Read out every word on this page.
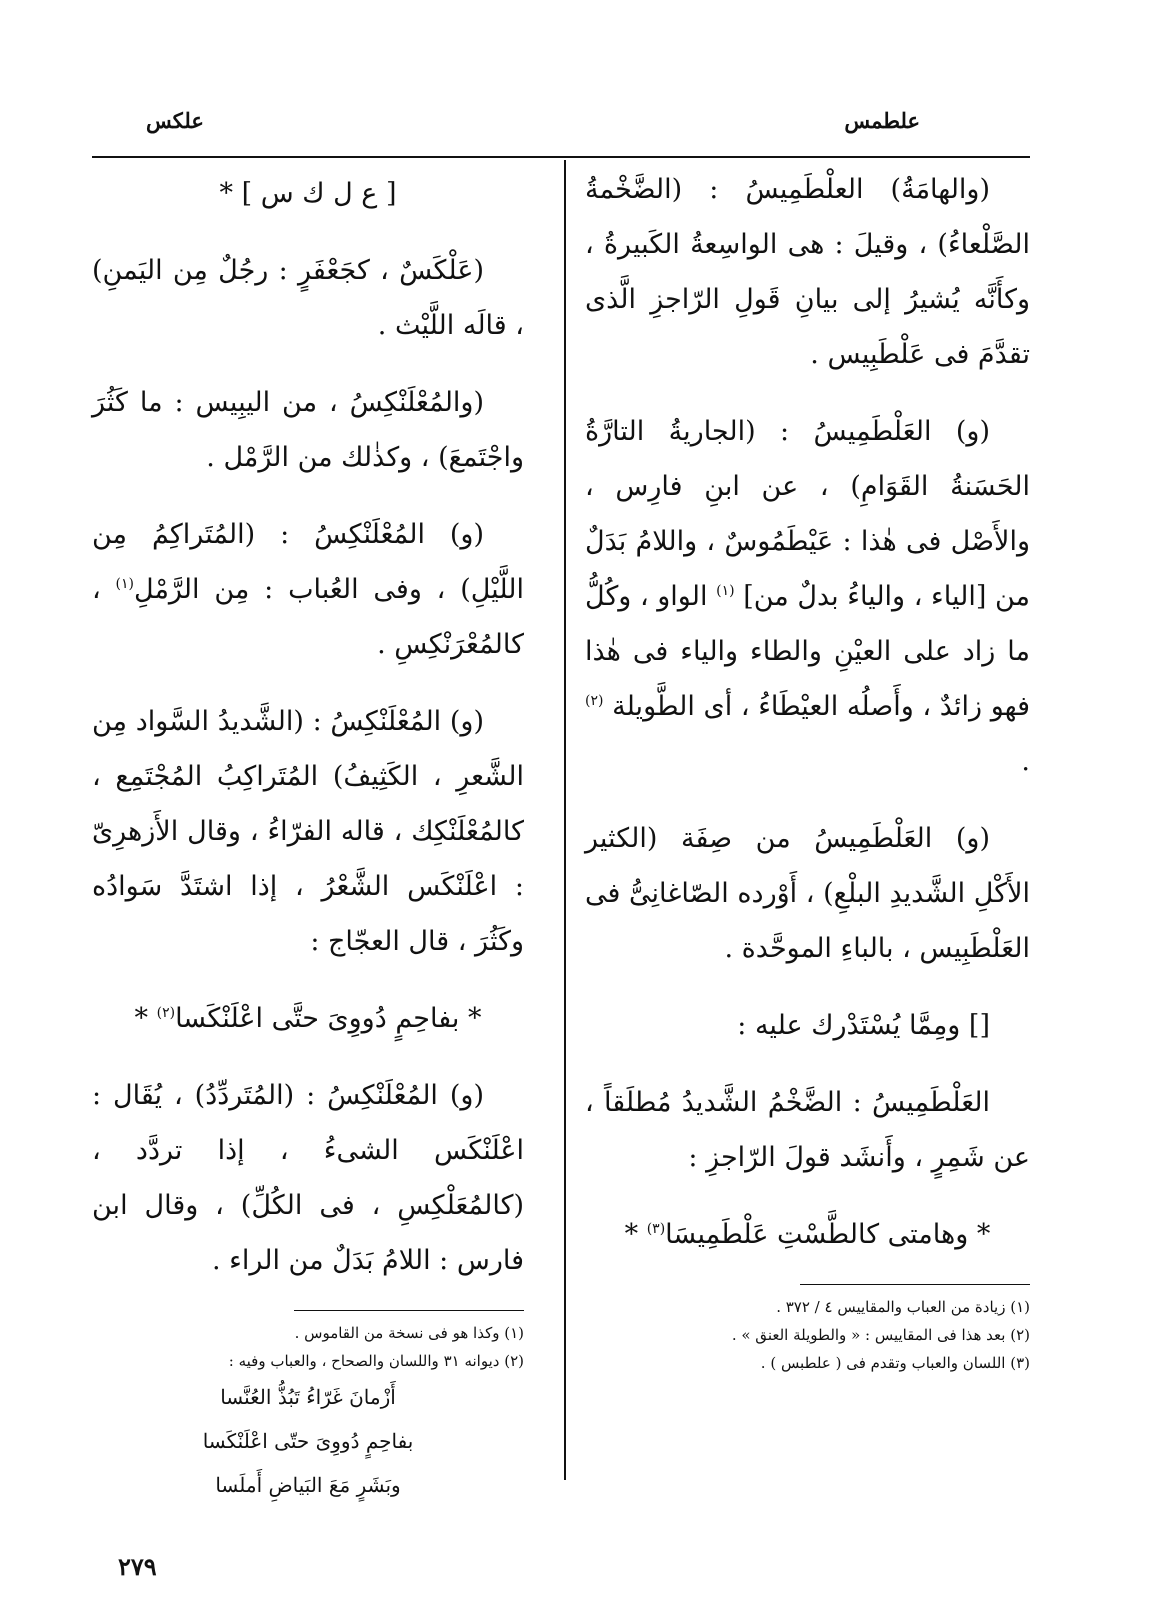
علطمس
علكس

(والهامَةُ) العلْطَمِيسُ : (الضَّخْمةُ الصَّلْعاءُ) ، وقيلَ : هى الواسِعةُ الكَبيرةُ ، وكأَنَّه يُشيرُ إلى بيانِ قَولِ الرّاجزِ الَّذى تقدَّمَ فى عَلْطَبِيس .

(و) العَلْطَمِيسُ : (الجاريةُ التارَّةُ الحَسَنةُ القَوَامِ) ، عن ابنِ فارِس ، والأَصْل فى هٰذا : عَيْطَمُوسٌ ، واللامُ بَدَلٌ من [الياء ، والياءُ بدلٌ من] $^{(١)}$ الواو ، وكُلُّ ما زاد على العيْنِ والطاء والياء فى هٰذا فهو زائدٌ ، وأَصلُه العيْطَاءُ ، أى الطَّويلة $^{(٢)}$ .

(و) العَلْطَمِيسُ من صِفَة (الكثير الأَكْلِ الشَّديدِ البلْعِ) ، أَوْرده الصّاغانِىُّ فى العَلْطَبِيس ، بالباءِ الموحَّدة .

[] ومِمَّا يُسْتَدْرك عليه :

العَلْطَمِيسُ : الضَّخْمُ الشَّديدُ مُطلَقاً ، عن شَمِرٍ ، وأَنشَد قولَ الرّاجزِ :

* وهامتى كالطَّسْتِ عَلْطَمِيسَا$^{(٣)}$ *

(١) زيادة من العباب والمقاييس ٤ / ٣٧٢ .

(٢) بعد هذا فى المقاييس : « والطويلة العنق » .

(٣) اللسان والعباب وتقدم فى ( علطبس ) .

[ ع ل ك س ] *

(عَلْكَسٌ ، كجَعْفَرٍ : رجُلٌ مِن اليَمنِ) ، قالَه اللَّيْث .

(والمُعْلَنْكِسُ ، من اليبِيس : ما كَثُرَ واجْتَمعَ) ، وكذٰلك من الرَّمْل .

(و) المُعْلَنْكِسُ : (المُتَراكِمُ مِن اللَّيْلِ) ، وفى العُباب : مِن الرَّمْلِ$^{(١)}$ ، كالمُعْرَنْكِسِ .

(و) المُعْلَنْكِسُ : (الشَّديدُ السَّواد مِن الشَّعرِ ، الكَثِيفُ) المُتَراكِبُ المُجْتَمِع ، كالمُعْلَنْكِك ، قاله الفرّاءُ ، وقال الأَزهرِىّ : اعْلَنْكَس الشَّعْرُ ، إذا اشتَدَّ سَوادُه وكَثُرَ ، قال العجّاج :

* بفاحِمٍ دُووِىَ حتَّى اعْلَنْكَسا$^{(٢)}$ *

(و) المُعْلَنْكِسُ : (المُتَردِّدُ) ، يُقَال : اعْلَنْكَس الشىءُ ، إذا تردَّد ، (كالمُعَلْكِسِ ، فى الكُلِّ) ، وقال ابن فارس : اللامُ بَدَلٌ من الراء .

(١) وكذا هو فى نسخة من القاموس .

(٢) ديوانه ٣١ واللسان والصحاح ، والعباب وفيه :

أَزْمانَ غَرّاءُ تَبُذُّ العُنَّسا

بفاحِمٍ دُووِىَ حتّى اعْلَنْكَسا

وبَشَرٍ مَعَ البَياضِ أَملَسا

٢٧٩
